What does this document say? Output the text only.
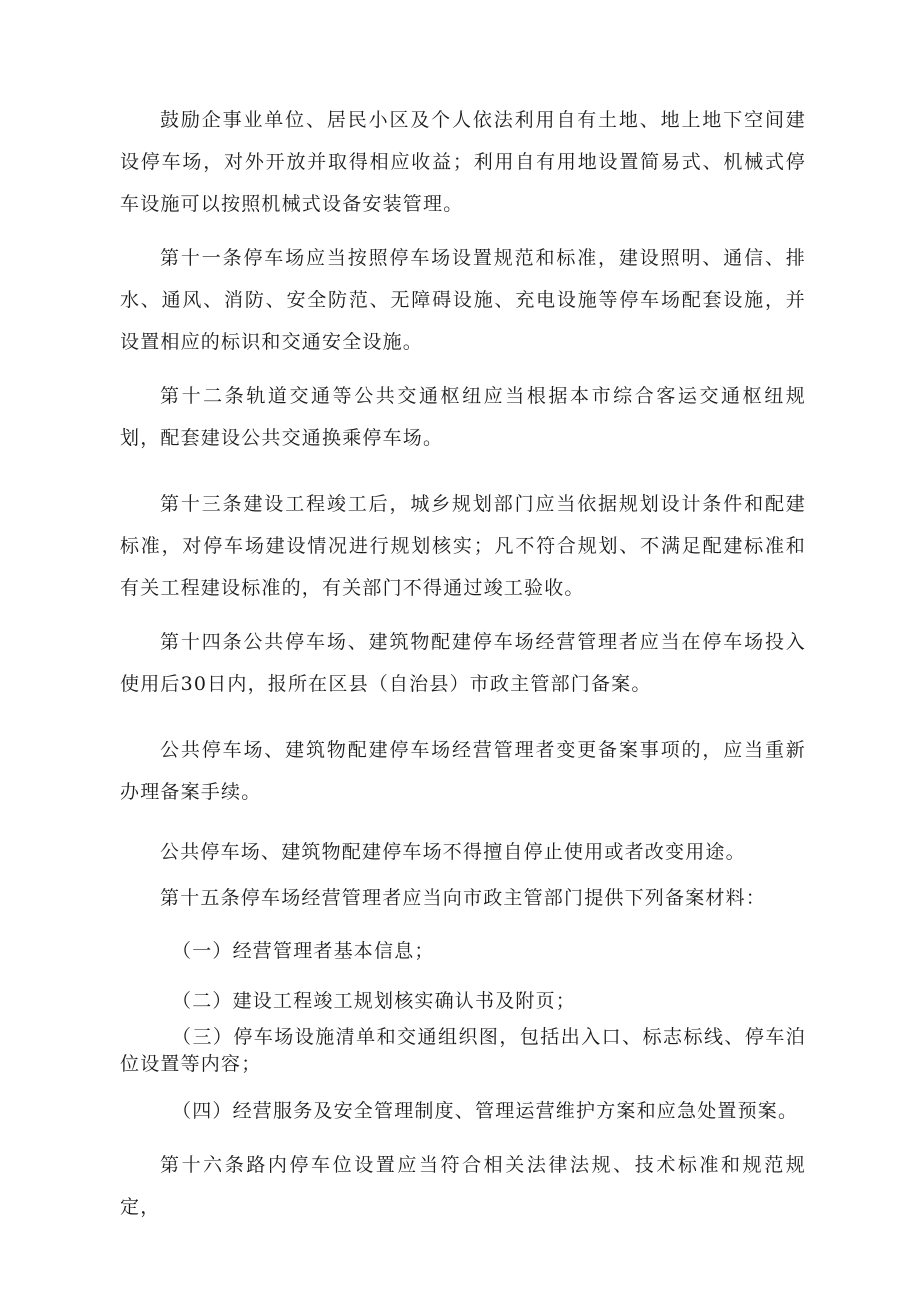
鼓励企事业单位、居民小区及个人依法利用自有土地、地上地下空间建设停车场，对外开放并取得相应收益；利用自有用地设置简易式、机械式停车设施可以按照机械式设备安装管理。

第十一条停车场应当按照停车场设置规范和标准，建设照明、通信、排水、通风、消防、安全防范、无障碍设施、充电设施等停车场配套设施，并设置相应的标识和交通安全设施。

第十二条轨道交通等公共交通枢纽应当根据本市综合客运交通枢纽规划，配套建设公共交通换乘停车场。

第十三条建设工程竣工后，城乡规划部门应当依据规划设计条件和配建标准，对停车场建设情况进行规划核实；凡不符合规划、不满足配建标准和有关工程建设标准的，有关部门不得通过竣工验收。

第十四条公共停车场、建筑物配建停车场经营管理者应当在停车场投入使用后30日内，报所在区县（自治县）市政主管部门备案。

公共停车场、建筑物配建停车场经营管理者变更备案事项的，应当重新办理备案手续。

公共停车场、建筑物配建停车场不得擅自停止使用或者改变用途。

第十五条停车场经营管理者应当向市政主管部门提供下列备案材料：

（一）经营管理者基本信息；

（二）建设工程竣工规划核实确认书及附页；

（三）停车场设施清单和交通组织图，包括出入口、标志标线、停车泊位设置等内容；

（四）经营服务及安全管理制度、管理运营维护方案和应急处置预案。

第十六条路内停车位设置应当符合相关法律法规、技术标准和规范规定，
